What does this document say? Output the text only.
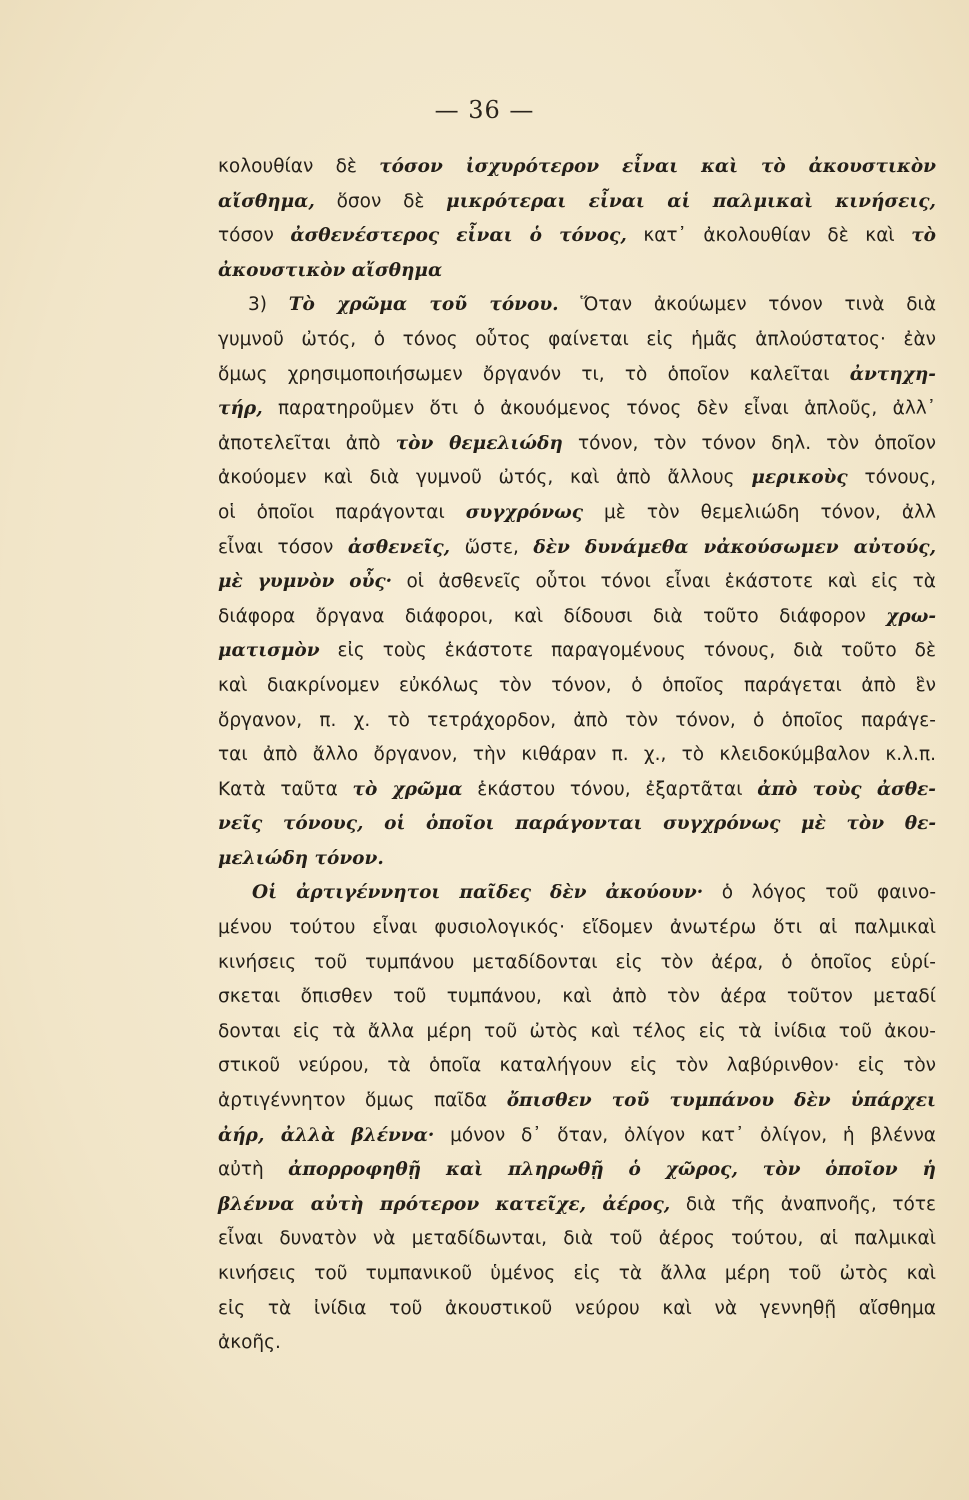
— 36 —
κολουθίαν δὲ τόσον ἰσχυρότερον εἶναι καὶ τὸ ἀκουστικὸν
αἴσθημα, ὅσον δὲ μικρότεραι εἶναι αἱ παλμικαὶ κινήσεις,
τόσον ἀσθενέστερος εἶναι ὁ τόνος, κατ᾿ ἀκολουθίαν δὲ καὶ τὸ
ἀκουστικὸν αἴσθημα
3) Τὸ χρῶμα τοῦ τόνου. Ὅταν ἀκούωμεν τόνον τινὰ διὰ
γυμνοῦ ὠτός, ὁ τόνος οὗτος φαίνεται εἰς ἡμᾶς ἁπλούστατος· ἐὰν
ὅμως χρησιμοποιήσωμεν ὄργανόν τι, τὸ ὁποῖον καλεῖται ἀντηχη-
τήρ, παρατηροῦμεν ὅτι ὁ ἀκουόμενος τόνος δὲν εἶναι ἁπλοῦς, ἀλλ᾿
ἀποτελεῖται ἀπὸ τὸν θεμελιώδη τόνον, τὸν τόνον δηλ. τὸν ὁποῖον
ἀκούομεν καὶ διὰ γυμνοῦ ὠτός, καὶ ἀπὸ ἄλλους μερικοὺς τόνους,
οἱ ὁποῖοι παράγονται συγχρόνως μὲ τὸν θεμελιώδη τόνον, ἀλλ
εἶναι τόσον ἀσθενεῖς, ὥστε, δὲν δυνάμεθα νἀκούσωμεν αὐτούς,
μὲ γυμνὸν οὖς· οἱ ἀσθενεῖς οὗτοι τόνοι εἶναι ἑκάστοτε καὶ εἰς τὰ
διάφορα ὄργανα διάφοροι, καὶ δίδουσι διὰ τοῦτο διάφορον χρω-
ματισμὸν εἰς τοὺς ἑκάστοτε παραγομένους τόνους, διὰ τοῦτο δὲ
καὶ διακρίνομεν εὐκόλως τὸν τόνον, ὁ ὁποῖος παράγεται ἀπὸ ἓν
ὄργανον, π. χ. τὸ τετράχορδον, ἀπὸ τὸν τόνον, ὁ ὁποῖος παράγε-
ται ἀπὸ ἄλλο ὄργανον, τὴν κιθάραν π. χ., τὸ κλειδοκύμβαλον κ.λ.π.
Κατὰ ταῦτα τὸ χρῶμα ἑκάστου τόνου, ἐξαρτᾶται ἀπὸ τοὺς ἀσθε-
νεῖς τόνους, οἱ ὁποῖοι παράγονται συγχρόνως μὲ τὸν θε-
μελιώδη τόνον.
Οἱ ἀρτιγέννητοι παῖδες δὲν ἀκούουν· ὁ λόγος τοῦ φαινο-
μένου τούτου εἶναι φυσιολογικός· εἴδομεν ἀνωτέρω ὅτι αἱ παλμικαὶ
κινήσεις τοῦ τυμπάνου μεταδίδονται εἰς τὸν ἀέρα, ὁ ὁποῖος εὑρί-
σκεται ὄπισθεν τοῦ τυμπάνου, καὶ ἀπὸ τὸν ἀέρα τοῦτον μεταδί
δονται εἰς τὰ ἄλλα μέρη τοῦ ὠτὸς καὶ τέλος εἰς τὰ ἰνίδια τοῦ ἀκου-
στικοῦ νεύρου, τὰ ὁποῖα καταλήγουν εἰς τὸν λαβύρινθον· εἰς τὸν
ἀρτιγέννητον ὅμως παῖδα ὄπισθεν τοῦ τυμπάνου δὲν ὑπάρχει
ἀήρ, ἀλλὰ βλέννα· μόνον δ᾿ ὅταν, ὀλίγον κατ᾿ ὀλίγον, ἡ βλέννα
αὐτὴ ἀπορροφηθῇ καὶ πληρωθῇ ὁ χῶρος, τὸν ὁποῖον ἡ
βλέννα αὐτὴ πρότερον κατεῖχε, ἀέρος, διὰ τῆς ἀναπνοῆς, τότε
εἶναι δυνατὸν νὰ μεταδίδωνται, διὰ τοῦ ἀέρος τούτου, αἱ παλμικαὶ
κινήσεις τοῦ τυμπανικοῦ ὑμένος εἰς τὰ ἄλλα μέρη τοῦ ὠτὸς καὶ
εἰς τὰ ἰνίδια τοῦ ἀκουστικοῦ νεύρου καὶ νὰ γεννηθῇ αἴσθημα
ἀκοῆς.
